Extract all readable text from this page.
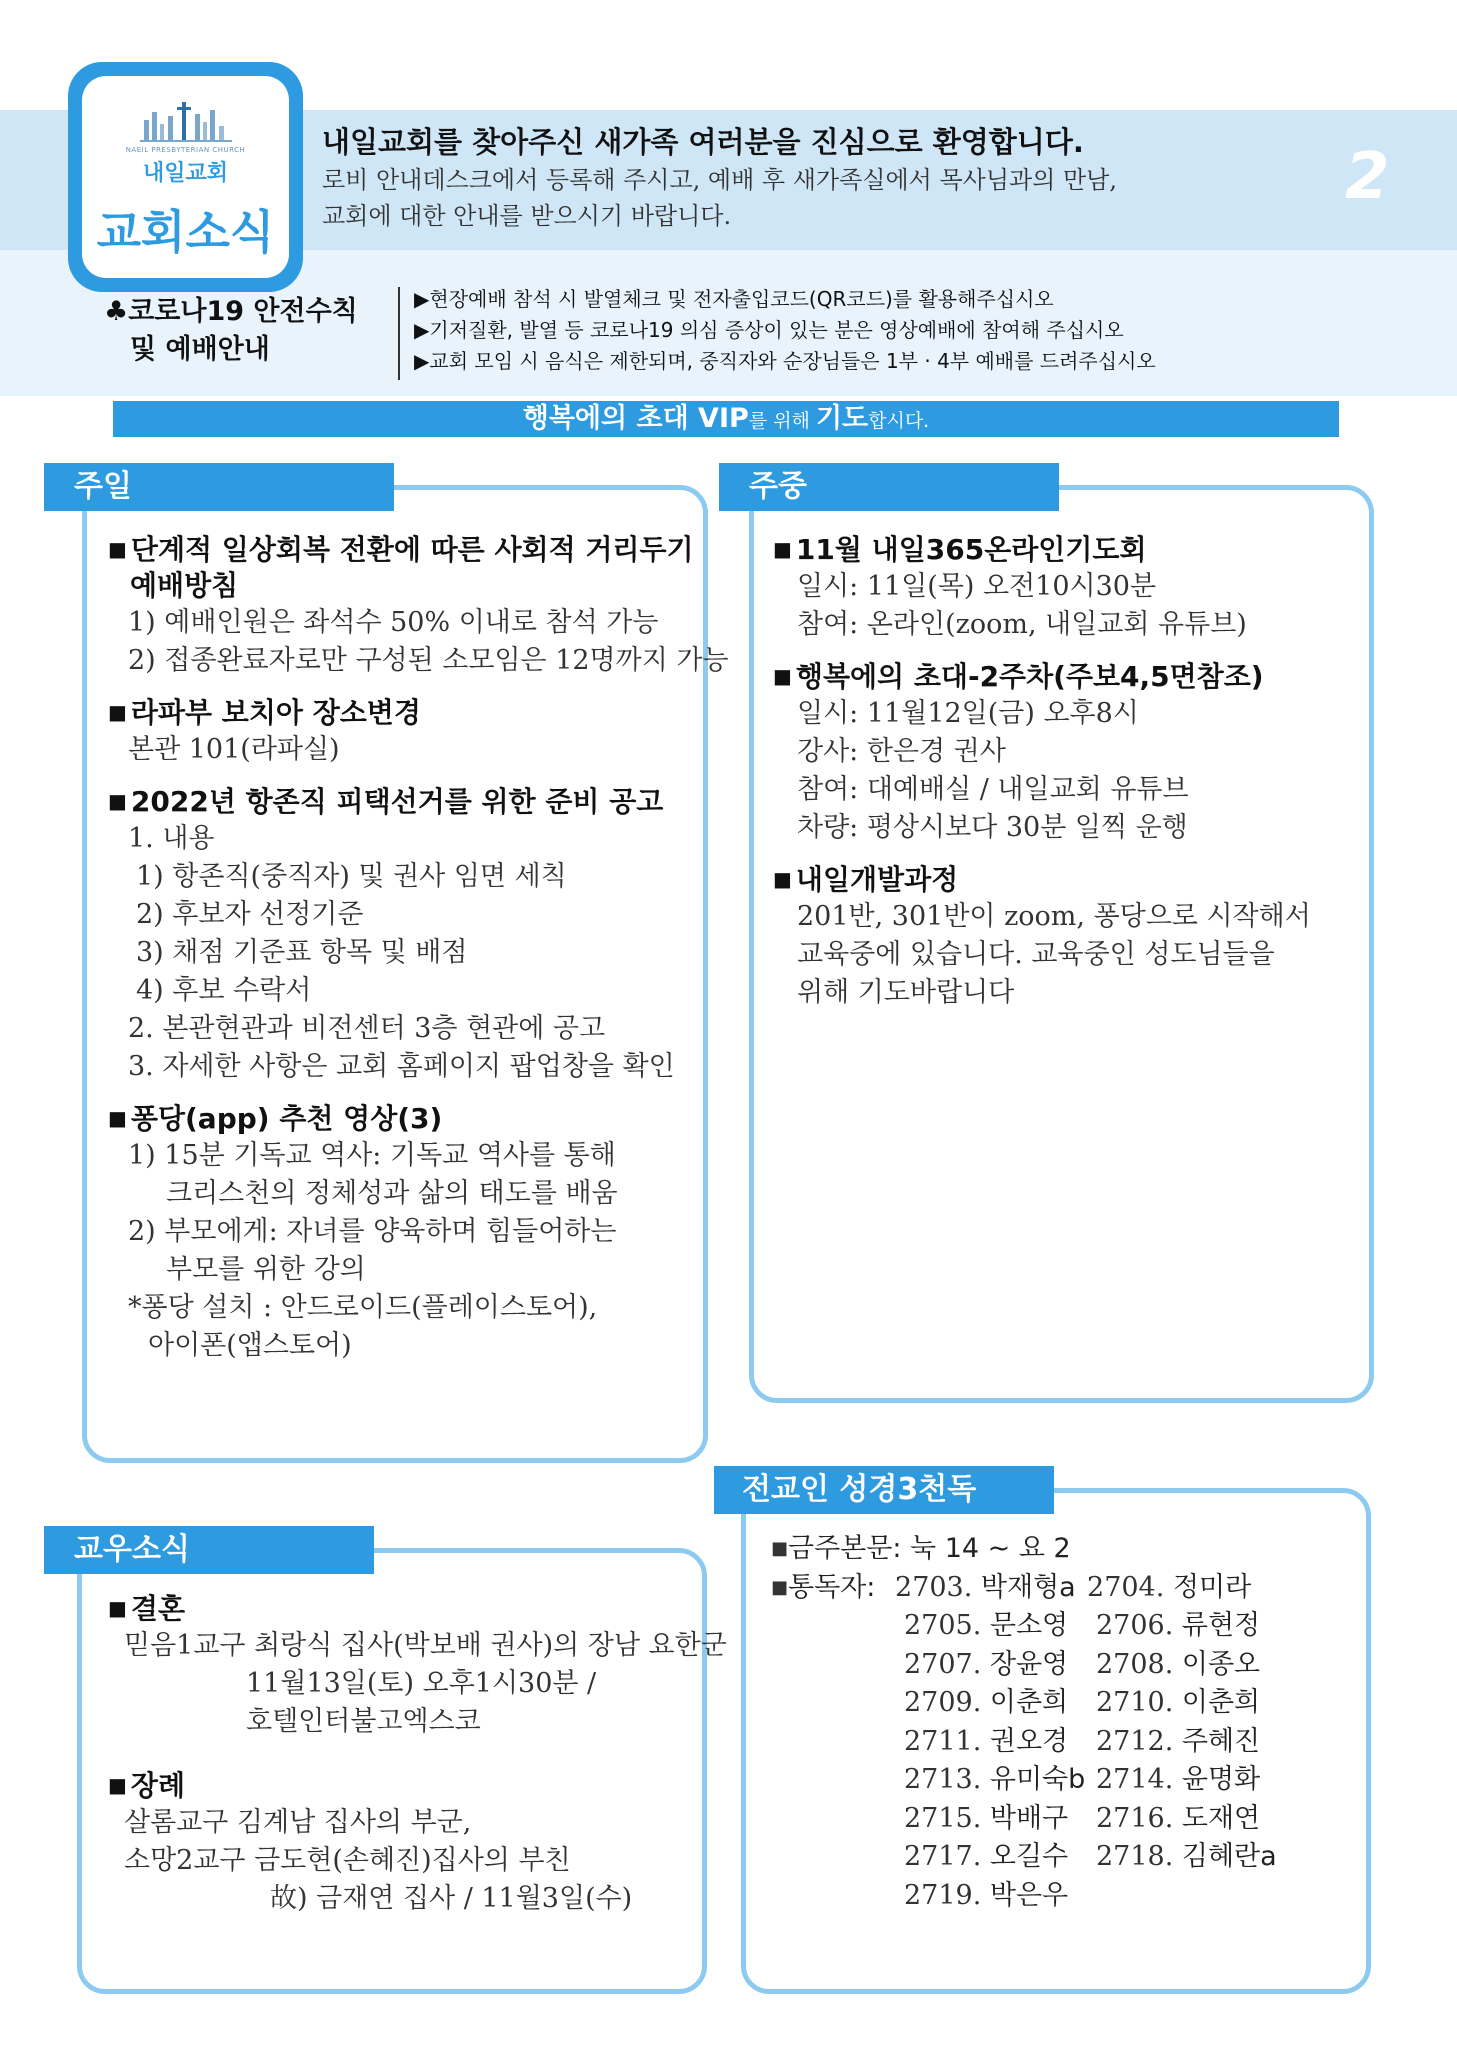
NAEIL PRESBYTERIAN CHURCH
내일교회
교회소식
내일교회를 찾아주신 새가족 여러분을 진심으로 환영합니다.
로비 안내데스크에서 등록해 주시고, 예배 후 새가족실에서 목사님과의 만남,
교회에 대한 안내를 받으시기 바랍니다.
2
♣코로나19 안전수칙
및 예배안내
▶현장예배 참석 시 발열체크 및 전자출입코드(QR코드)를 활용해주십시오
▶기저질환, 발열 등 코로나19 의심 증상이 있는 분은 영상예배에 참여해 주십시오
▶교회 모임 시 음식은 제한되며, 중직자와 순장님들은 1부 · 4부 예배를 드려주십시오
행복에의 초대 VIP를 위해 기도합시다.
주일
■ 단계적 일상회복 전환에 따른 사회적 거리두기
예배방침
1) 예배인원은 좌석수 50% 이내로 참석 가능
2) 접종완료자로만 구성된 소모임은 12명까지 가능
■ 라파부 보치아 장소변경
본관 101(라파실)
■ 2022년 항존직 피택선거를 위한 준비 공고
1. 내용
1) 항존직(중직자) 및 권사 임면 세칙
2) 후보자 선정기준
3) 채점 기준표 항목 및 배점
4) 후보 수락서
2. 본관현관과 비전센터 3층 현관에 공고
3. 자세한 사항은 교회 홈페이지 팝업창을 확인
■ 퐁당(app) 추천 영상(3)
1) 15분 기독교 역사: 기독교 역사를 통해
크리스천의 정체성과 삶의 태도를 배움
2) 부모에게: 자녀를 양육하며 힘들어하는
부모를 위한 강의
*퐁당 설치 : 안드로이드(플레이스토어),
아이폰(앱스토어)
주중
■ 11월 내일365온라인기도회
일시: 11일(목) 오전10시30분
참여: 온라인(zoom, 내일교회 유튜브)
■ 행복에의 초대-2주차(주보4,5면참조)
일시: 11월12일(금) 오후8시
강사: 한은경 권사
참여: 대예배실 / 내일교회 유튜브
차량: 평상시보다 30분 일찍 운행
■ 내일개발과정
201반, 301반이 zoom, 퐁당으로 시작해서
교육중에 있습니다. 교육중인 성도님들을
위해 기도바랍니다
교우소식
■ 결혼
믿음1교구 최랑식 집사(박보배 권사)의 장남 요한군
11월13일(토) 오후1시30분 /
호텔인터불고엑스코
■ 장례
살롬교구 김계남 집사의 부군,
소망2교구 금도현(손혜진)집사의 부친
故) 금재연 집사 / 11월3일(수)
전교인 성경3천독
■금주본문: 눅 14 ~ 요 2
■통독자:2703. 박재형a 2704. 정미라
2705. 문소영 2706. 류현정
2707. 장윤영 2708. 이종오
2709. 이춘희 2710. 이춘희
2711. 권오경 2712. 주혜진
2713. 유미숙b 2714. 윤명화
2715. 박배구 2716. 도재연
2717. 오길수 2718. 김혜란a
2719. 박은우
